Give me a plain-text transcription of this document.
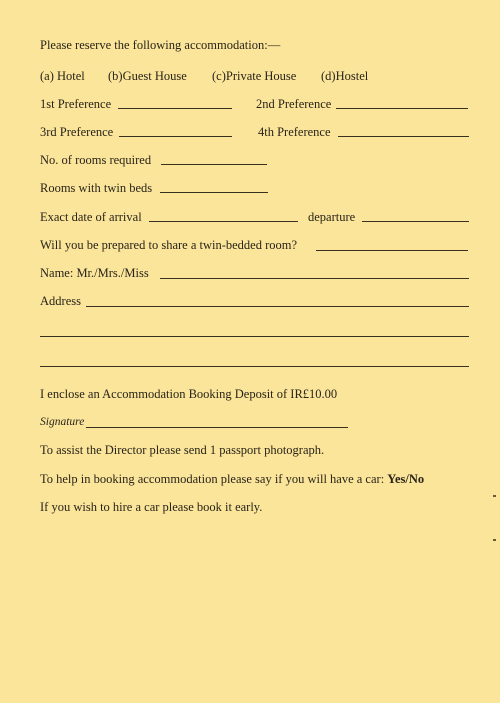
Please reserve the following accommodation:—
(a) Hotel (b)Guest House (c)Private House (d)Hostel
1st Preference	2nd Preference
3rd Preference	4th Preference
No. of rooms required
Rooms with twin beds
Exact date of arrival	departure
Will you be prepared to share a twin-bedded room?
Name: Mr./Mrs./Miss
Address
I enclose an Accommodation Booking Deposit of IR£10.00
Signature
To assist the Director please send 1 passport photograph.
To help in booking accommodation please say if you will have a car: Yes/No
If you wish to hire a car please book it early.
